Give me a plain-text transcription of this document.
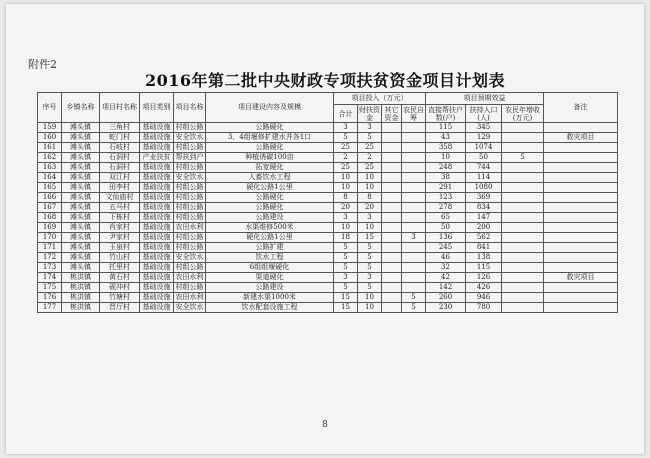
附件2
2016年第二批中央财政专项扶贫资金项目计划表
序号	乡镇名称	项目村名称	项目类别	项目名称	项目建设内容及规模	项目投入（万元）				项目预期效益			备注
						合计	财扶资金	其它资金	农民自筹	直接帮扶户数(户)	扶持人口(人)	农民年增收(万元)	
159	滩头镇	三角村	基础设施	村组公路	公路硬化	3	3			115	345		
160	滩头镇	蛇门村	基础设施	安全饮水	3、4组堰修扩建水井各1口	5	5			43	129		救灾项目
161	滩头镇	石岐村	基础设施	村组公路	公路硬化	25	25			358	1074		
162	滩头镇	石洞村	产业扶贫	帮扶到户	种植诱碳100亩	2	2			10	50	5	
163	滩头镇	石洞村	基础设施	村组公路	拓宽硬化	25	25			248	744		
164	滩头镇	双江村	基础设施	安全饮水	人畜饮水工程	10	10			38	114		
165	滩头镇	田李村	基础设施	村组公路	硬化公路1公里	10	10			291	1080		
166	滩头镇	文仙庙村	基础设施	村组公路	公路硬化	8	8			123	369		
167	滩头镇	五马村	基础设施	村组公路	公路硬化	20	20			278	834		
168	滩头镇	下栋村	基础设施	村组公路	公路建设	3	3			65	147		
169	滩头镇	肖家村	基础设施	农田水利	水渠维修500米	10	10			50	200		
170	滩头镇	尹家村	基础设施	村组公路	硬化公路1公里	18	15		3	136	562		
171	滩头镇	玉泉村	基础设施	村组公路	公路扩建	5	5			245	841		
172	滩头镇	竹山村	基础设施	安全饮水	饮水工程	5	5			46	138		
173	滩头镇	托里村	基础设施	村组公路	6组组堰硬化	5	5			32	115		
174	桃洪镇	黄石村	基础设施	农田水利	渠道硬化	3	3			42	126		救灾项目
175	桃洪镇	砚冲村	基础设施	村组公路	公路建设	5	5			142	426		
176	桃洪镇	竹塘村	基础设施	农田水利	新建水渠1000米	15	10		5	260	946		
177	桃洪镇	晋厅村	基础设施	安全饮水	饮水配套设施工程	15	10		5	230	780		
8
